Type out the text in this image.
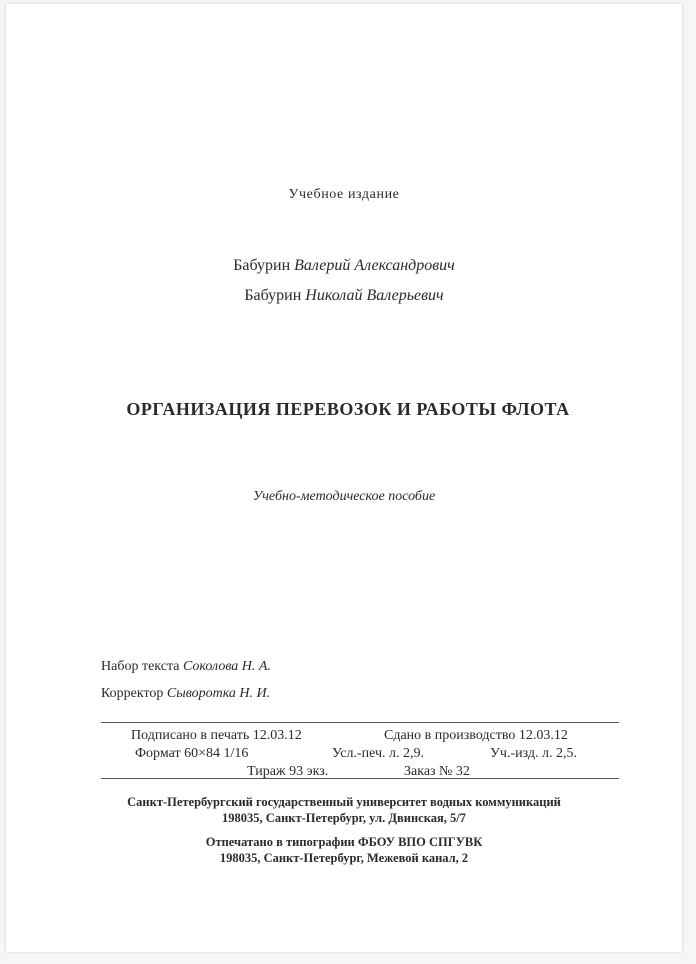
Учебное издание
Бабурин Валерий Александрович
Бабурин Николай Валерьевич
ОРГАНИЗАЦИЯ ПЕРЕВОЗОК И РАБОТЫ ФЛОТА
Учебно-методическое пособие
Набор текста Соколова Н. А.
Корректор Сыворотка Н. И.
Подписано в печать 12.03.12	Сдано в производство 12.03.12
Формат 60×84 1/16	Усл.-печ. л. 2,9.	Уч.-изд. л. 2,5.
Тираж 93 экз.	Заказ № 32
Санкт-Петербургский государственный университет водных коммуникаций
198035, Санкт-Петербург, ул. Двинская, 5/7
Отпечатано в типографии ФБОУ ВПО СПГУВК
198035, Санкт-Петербург, Межевой канал, 2
